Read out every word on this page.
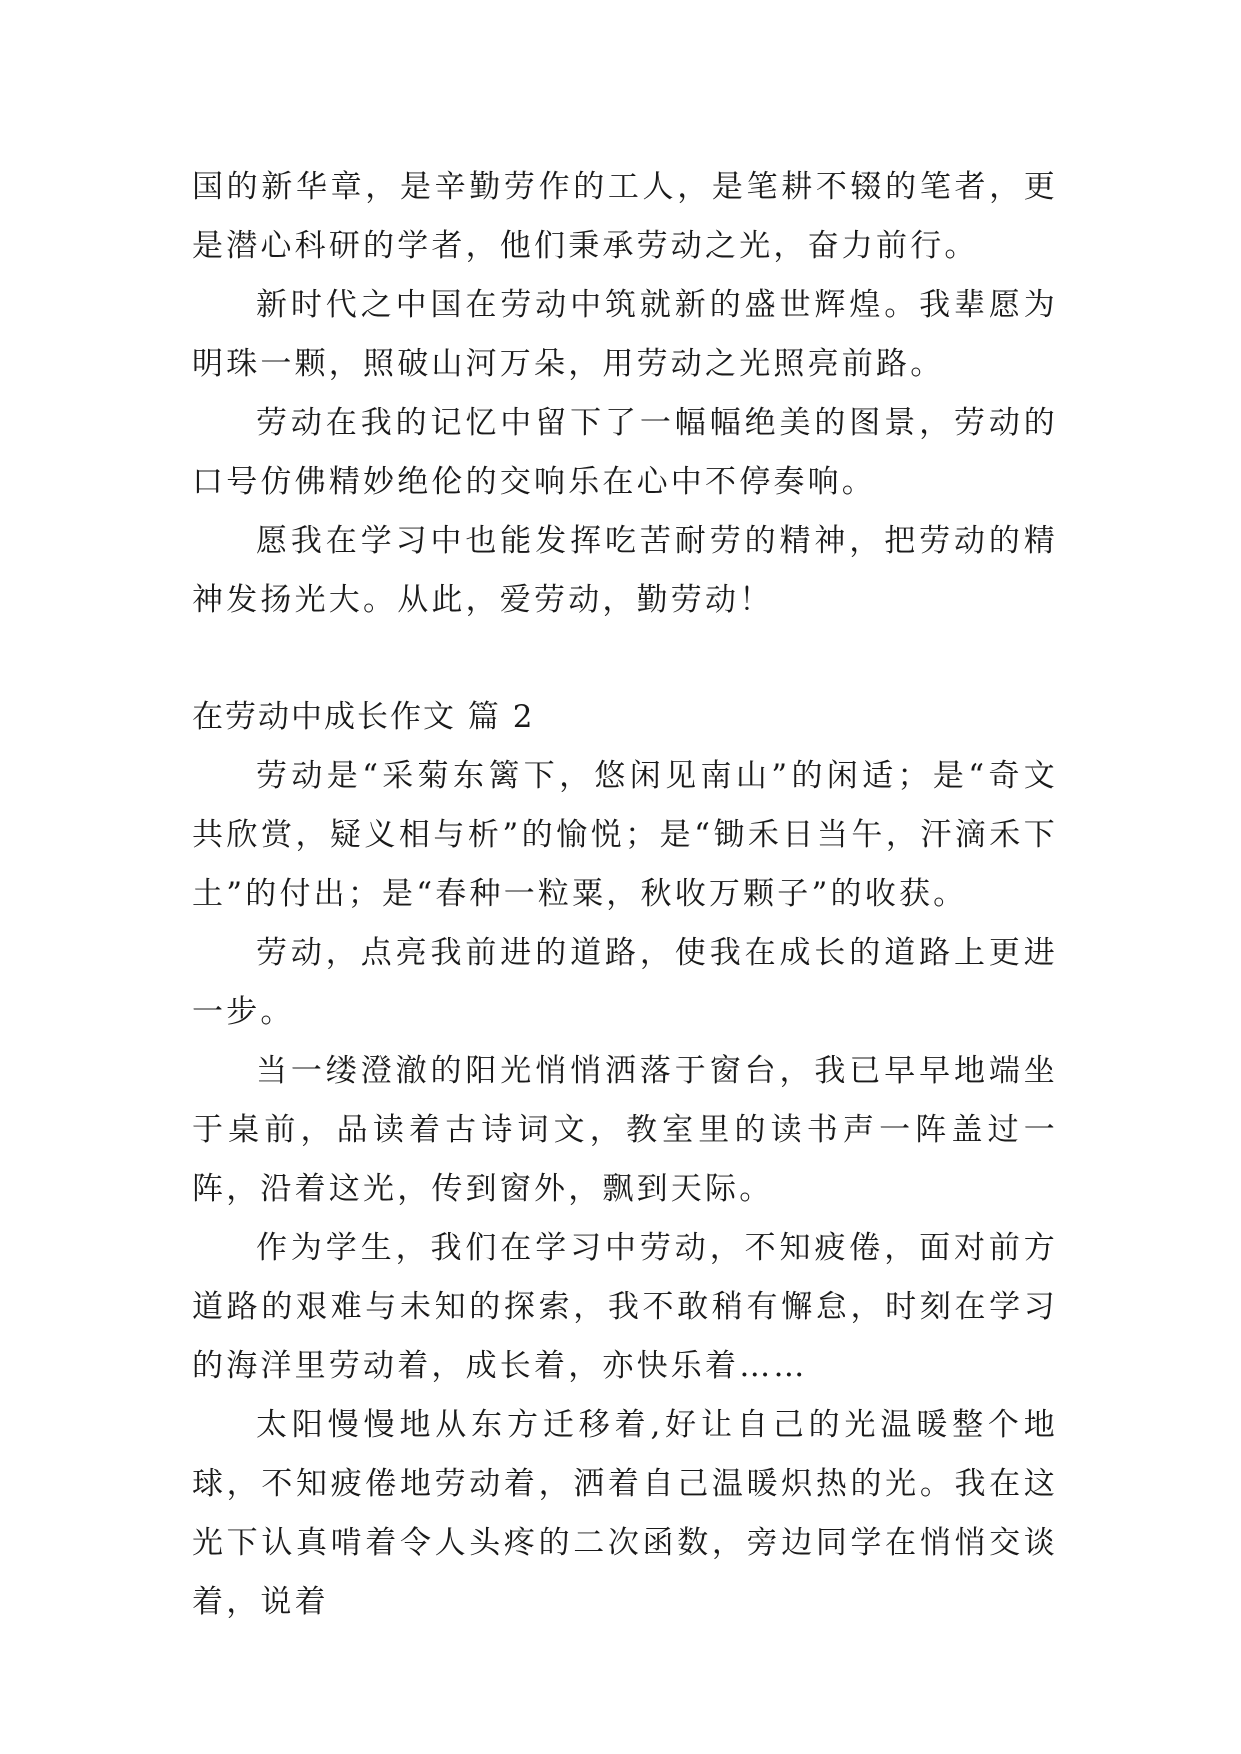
国的新华章，是辛勤劳作的工人，是笔耕不辍的笔者，更是潜心科研的学者，他们秉承劳动之光，奋力前行。

新时代之中国在劳动中筑就新的盛世辉煌。我辈愿为明珠一颗，照破山河万朵，用劳动之光照亮前路。

劳动在我的记忆中留下了一幅幅绝美的图景，劳动的口号仿佛精妙绝伦的交响乐在心中不停奏响。

愿我在学习中也能发挥吃苦耐劳的精神，把劳动的精神发扬光大。从此，爱劳动，勤劳动！

在劳动中成长作文 篇 2

劳动是“采菊东篱下，悠闲见南山”的闲适；是“奇文共欣赏，疑义相与析”的愉悦；是“锄禾日当午，汗滴禾下土”的付出；是“春种一粒粟，秋收万颗子”的收获。

劳动，点亮我前进的道路，使我在成长的道路上更进一步。

当一缕澄澈的阳光悄悄洒落于窗台，我已早早地端坐于桌前，品读着古诗词文，教室里的读书声一阵盖过一阵，沿着这光，传到窗外，飘到天际。

作为学生，我们在学习中劳动，不知疲倦，面对前方道路的艰难与未知的探索，我不敢稍有懈怠，时刻在学习的海洋里劳动着，成长着，亦快乐着……

太阳慢慢地从东方迁移着,好让自己的光温暖整个地球，不知疲倦地劳动着，洒着自己温暖炽热的光。我在这光下认真啃着令人头疼的二次函数，旁边同学在悄悄交谈着，说着
